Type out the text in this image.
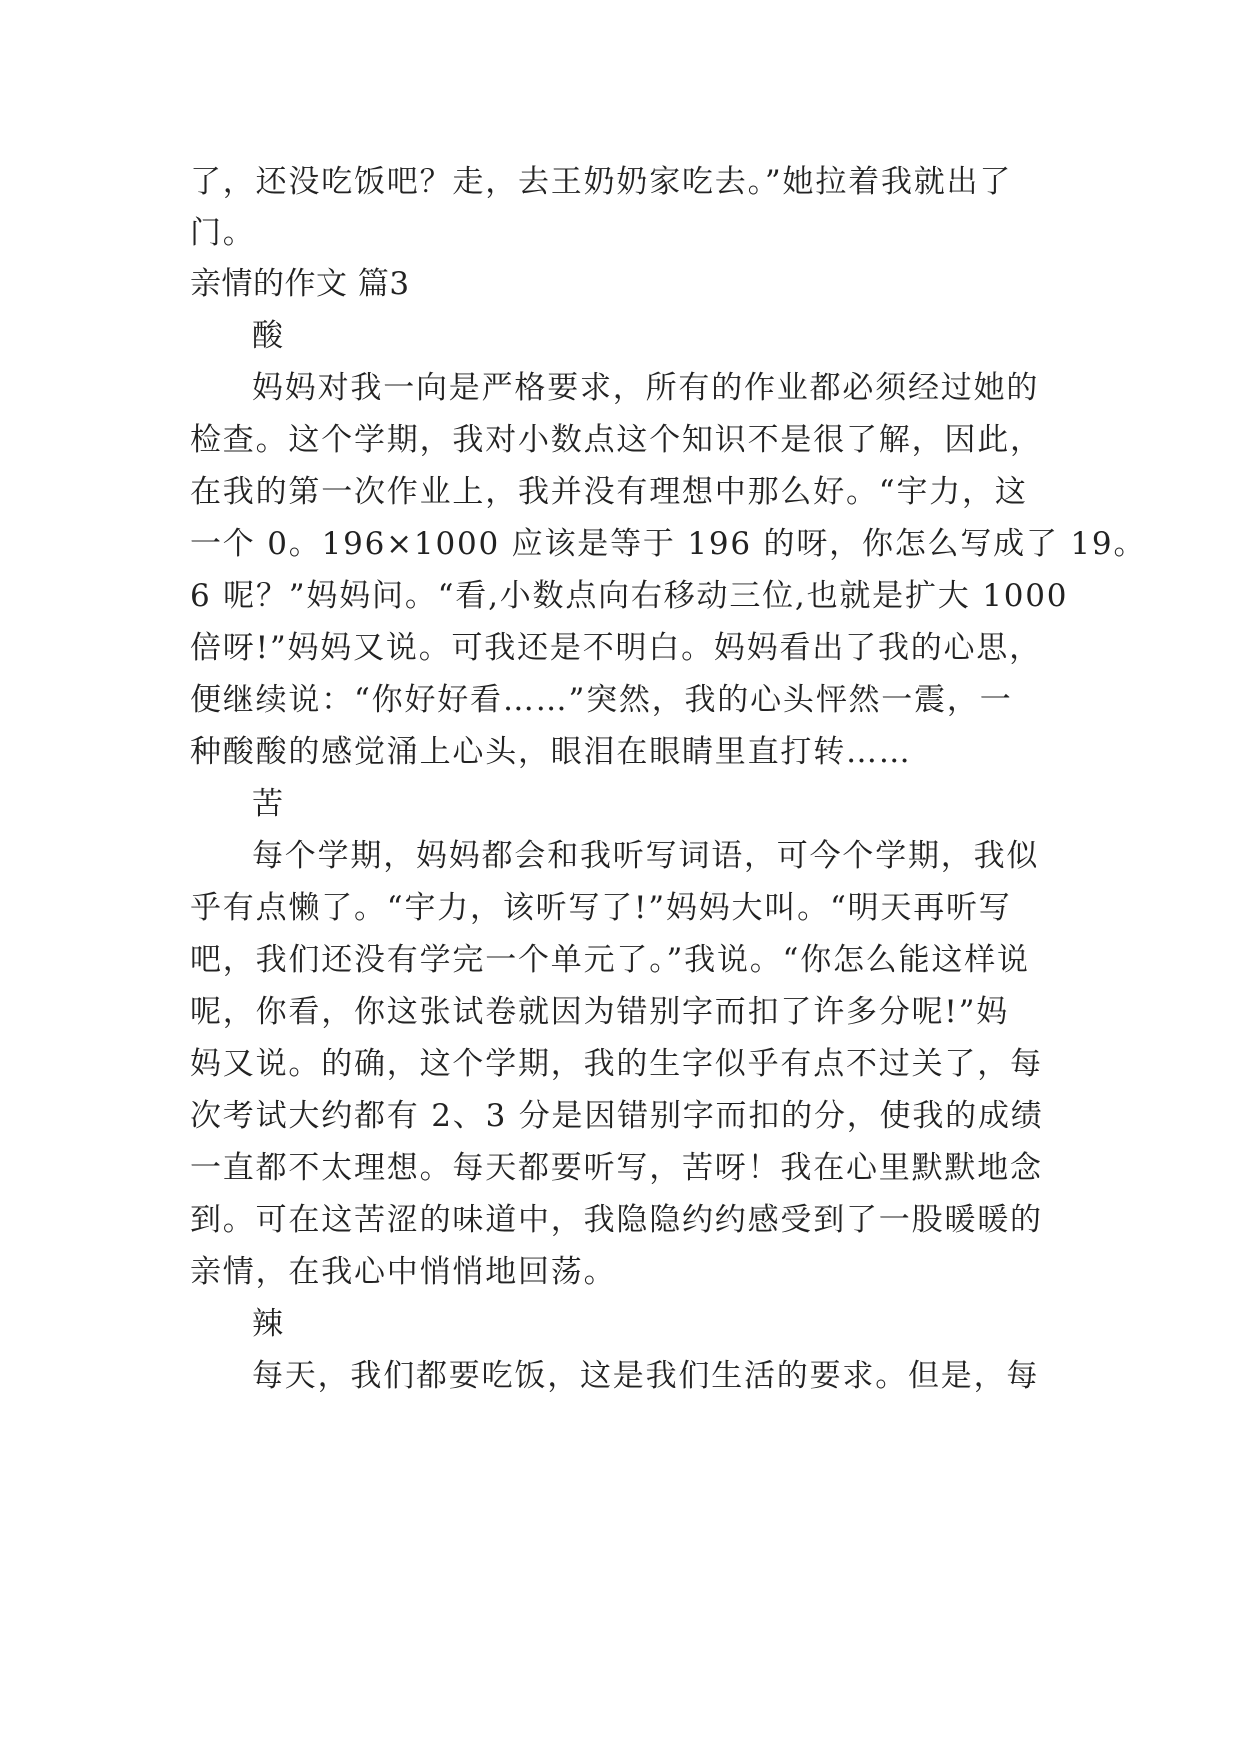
了，还没吃饭吧？走，去王奶奶家吃去。”她拉着我就出了
门。
亲情的作文 篇3
酸
妈妈对我一向是严格要求，所有的作业都必须经过她的
检查。这个学期，我对小数点这个知识不是很了解，因此，
在我的第一次作业上，我并没有理想中那么好。“宇力，这
一个 0。196×1000 应该是等于 196 的呀，你怎么写成了 19。
6 呢？”妈妈问。“看,小数点向右移动三位,也就是扩大 1000
倍呀!”妈妈又说。可我还是不明白。妈妈看出了我的心思，
便继续说：“你好好看……”突然，我的心头怦然一震，一
种酸酸的感觉涌上心头，眼泪在眼睛里直打转……
苦
每个学期，妈妈都会和我听写词语，可今个学期，我似
乎有点懒了。“宇力，该听写了!”妈妈大叫。“明天再听写
吧，我们还没有学完一个单元了。”我说。“你怎么能这样说
呢，你看，你这张试卷就因为错别字而扣了许多分呢!”妈
妈又说。的确，这个学期，我的生字似乎有点不过关了，每
次考试大约都有 2、3 分是因错别字而扣的分，使我的成绩
一直都不太理想。每天都要听写，苦呀！我在心里默默地念
到。可在这苦涩的味道中，我隐隐约约感受到了一股暖暖的
亲情，在我心中悄悄地回荡。
辣
每天，我们都要吃饭，这是我们生活的要求。但是，每
